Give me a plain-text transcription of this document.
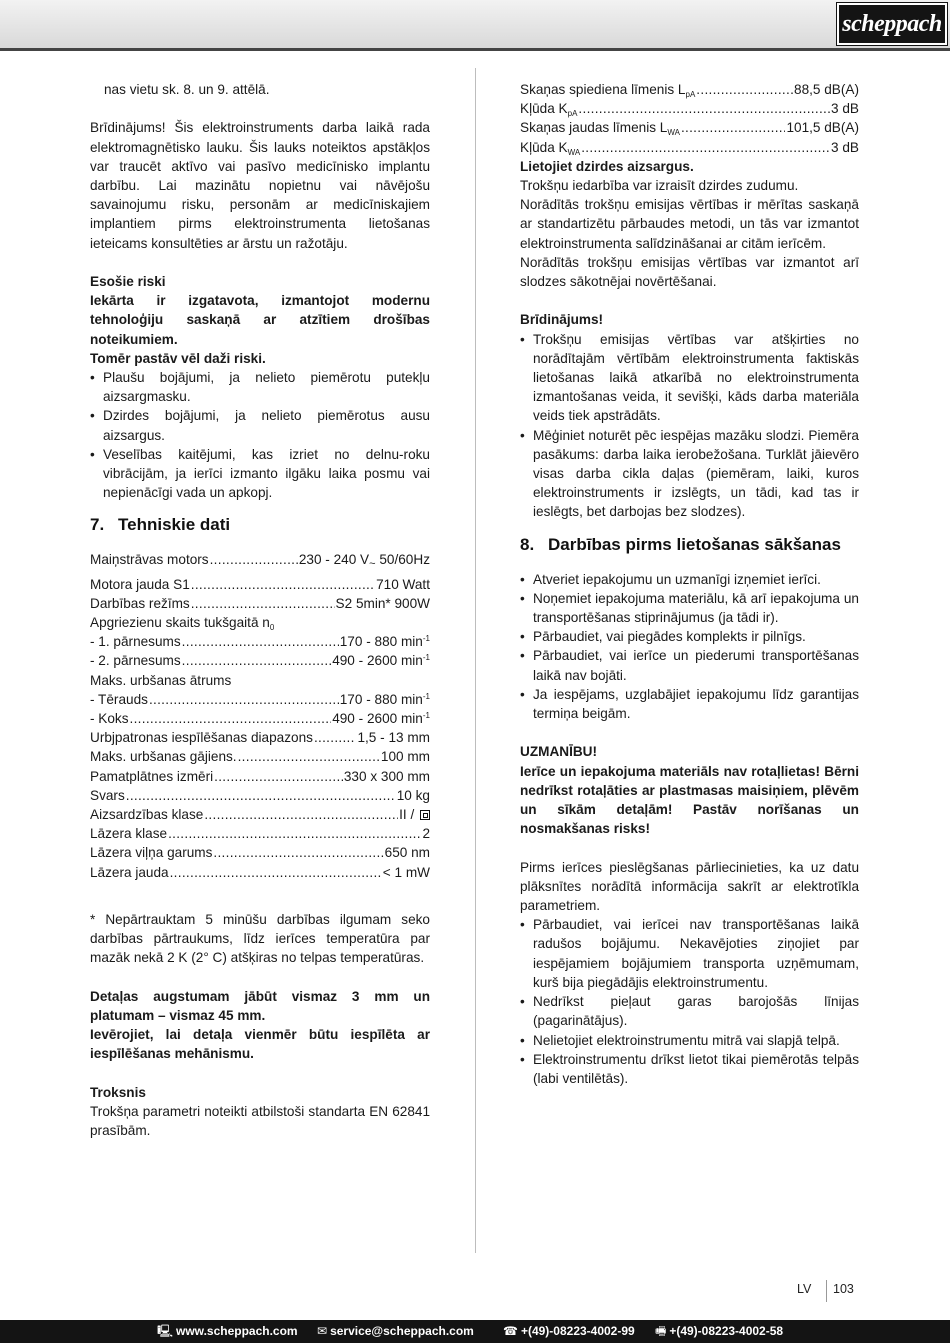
scheppach

nas vietu sk. 8. un 9. attēlā.

Brīdinājums! Šis elektroinstruments darba laikā rada elektromagnētisko lauku. Šis lauks noteiktos apstākļos var traucēt aktīvo vai pasīvo medicīnisko implantu darbību. Lai mazinātu nopietnu vai nāvējošu savainojumu risku, personām ar medicīniskajiem implantiem pirms elektroinstrumenta lietošanas ieteicams konsultēties ar ārstu un ražotāju.

Esošie riski

Iekārta ir izgatavota, izmantojot modernu tehnoloģiju saskaņā ar atzītiem drošības noteikumiem.

Tomēr pastāv vēl daži riski.

• Plaušu bojājumi, ja nelieto piemērotu putekļu aizsargmasku.
• Dzirdes bojājumi, ja nelieto piemērotus ausu aizsargus.
• Veselības kaitējumi, kas izriet no delnu-roku vibrācijām, ja ierīci izmanto ilgāku laika posmu vai nepienācīgi vada un apkopj.
7. Tehniskie dati
Maiņstrāvas motors .....	230 - 240 $V_\sim$ 50/60Hz
Motora jauda S1 .....	710 Watt
Darbības režīms .....	S2 5min* 900W
Apgriezienu skaits tukšgaitā $n_0$
- 1. pārnesums .....	170 - 880 $\min^{-1}$
- 2. pārnesums .....	490 - 2600 $\min^{-1}$
Maks. urbšanas ātrums
- Tērauds .....	170 - 880 $\min^{-1}$
- Koks .....	490 - 2600 $\min^{-1}$
Urbjpatronas iespīlēšanas diapazons .....	1,5 - 13 mm
Maks. urbšanas gājiens. .....	100 mm
Pamatplātnes izmēri .....	330 x 300 mm
Svars .....	10 kg
Aizsardzības klase .....	II /
Lāzera klase .....	2
Lāzera viļņa garums .....	650 nm
Lāzera jauda .....	< 1 mW

* Nepārtrauktam 5 minūšu darbības ilgumam seko darbības pārtraukums, līdz ierīces temperatūra par mazāk nekā 2 K (2° C) atšķiras no telpas temperatūras.

Detaļas augstumam jābūt vismaz 3 mm un platumam – vismaz 45 mm.

Ievērojiet, lai detaļa vienmēr būtu iespīlēta ar iespīlēšanas mehānismu.

Troksnis

Trokšņa parametri noteikti atbilstoši standarta EN 62841 prasībām.

Skaņas spiediena līmenis $L_{pA}$ .....	88,5 dB(A)
Kļūda $K_{pA}$ .....	3 dB
Skaņas jaudas līmenis $L_{WA}$ .....	101,5 dB(A)
Kļūda $K_{WA}$ .....	3 dB

Lietojiet dzirdes aizsargus.

Trokšņu iedarbība var izraisīt dzirdes zudumu.

Norādītās trokšņu emisijas vērtības ir mērītas saskaņā ar standartizētu pārbaudes metodi, un tās var izmantot elektroinstrumenta salīdzināšanai ar citām ierīcēm.

Norādītās trokšņu emisijas vērtības var izmantot arī slodzes sākotnējai novērtēšanai.

Brīdinājums!

• Trokšņu emisijas vērtības var atšķirties no norādītajām vērtībām elektroinstrumenta faktiskās lietošanas laikā atkarībā no elektroinstrumenta izmantošanas veida, it sevišķi, kāds darba materiāla veids tiek apstrādāts.
• Mēģiniet noturēt pēc iespējas mazāku slodzi. Piemēra pasākums: darba laika ierobežošana. Turklāt jāievēro visas darba cikla daļas (piemēram, laiki, kuros elektroinstruments ir izslēgts, un tādi, kad tas ir ieslēgts, bet darbojas bez slodzes).
8. Darbības pirms lietošanas sākšanas
• Atveriet iepakojumu un uzmanīgi izņemiet ierīci.
• Noņemiet iepakojuma materiālu, kā arī iepakojuma un transportēšanas stiprinājumus (ja tādi ir).
• Pārbaudiet, vai piegādes komplekts ir pilnīgs.
• Pārbaudiet, vai ierīce un piederumi transportēšanas laikā nav bojāti.
• Ja iespējams, uzglabājiet iepakojumu līdz garantijas termiņa beigām.

UZMANĪBU!

Ierīce un iepakojuma materiāls nav rotaļlietas! Bērni nedrīkst rotaļāties ar plastmasas maisiņiem, plēvēm un sīkām detaļām! Pastāv norīšanas un nosmakšanas risks!

Pirms ierīces pieslēgšanas pārliecinieties, ka uz datu plāksnītes norādītā informācija sakrīt ar elektrotīkla parametriem.

• Pārbaudiet, vai ierīcei nav transportēšanas laikā radušos bojājumu. Nekavējoties ziņojiet par iespējamiem bojājumiem transporta uzņēmumam, kurš bija piegādājis elektroinstrumentu.
• Nedrīkst pieļaut garas barojošās līnijas (pagarinātājus).
• Nelietojiet elektroinstrumentu mitrā vai slapjā telpā.
• Elektroinstrumentu drīkst lietot tikai piemērotās telpās (labi ventilētās).
LV 103
🖳 www.scheppach.com ✉ service@scheppach.com ☎ +(49)-08223-4002-99 🖷 +(49)-08223-4002-58
